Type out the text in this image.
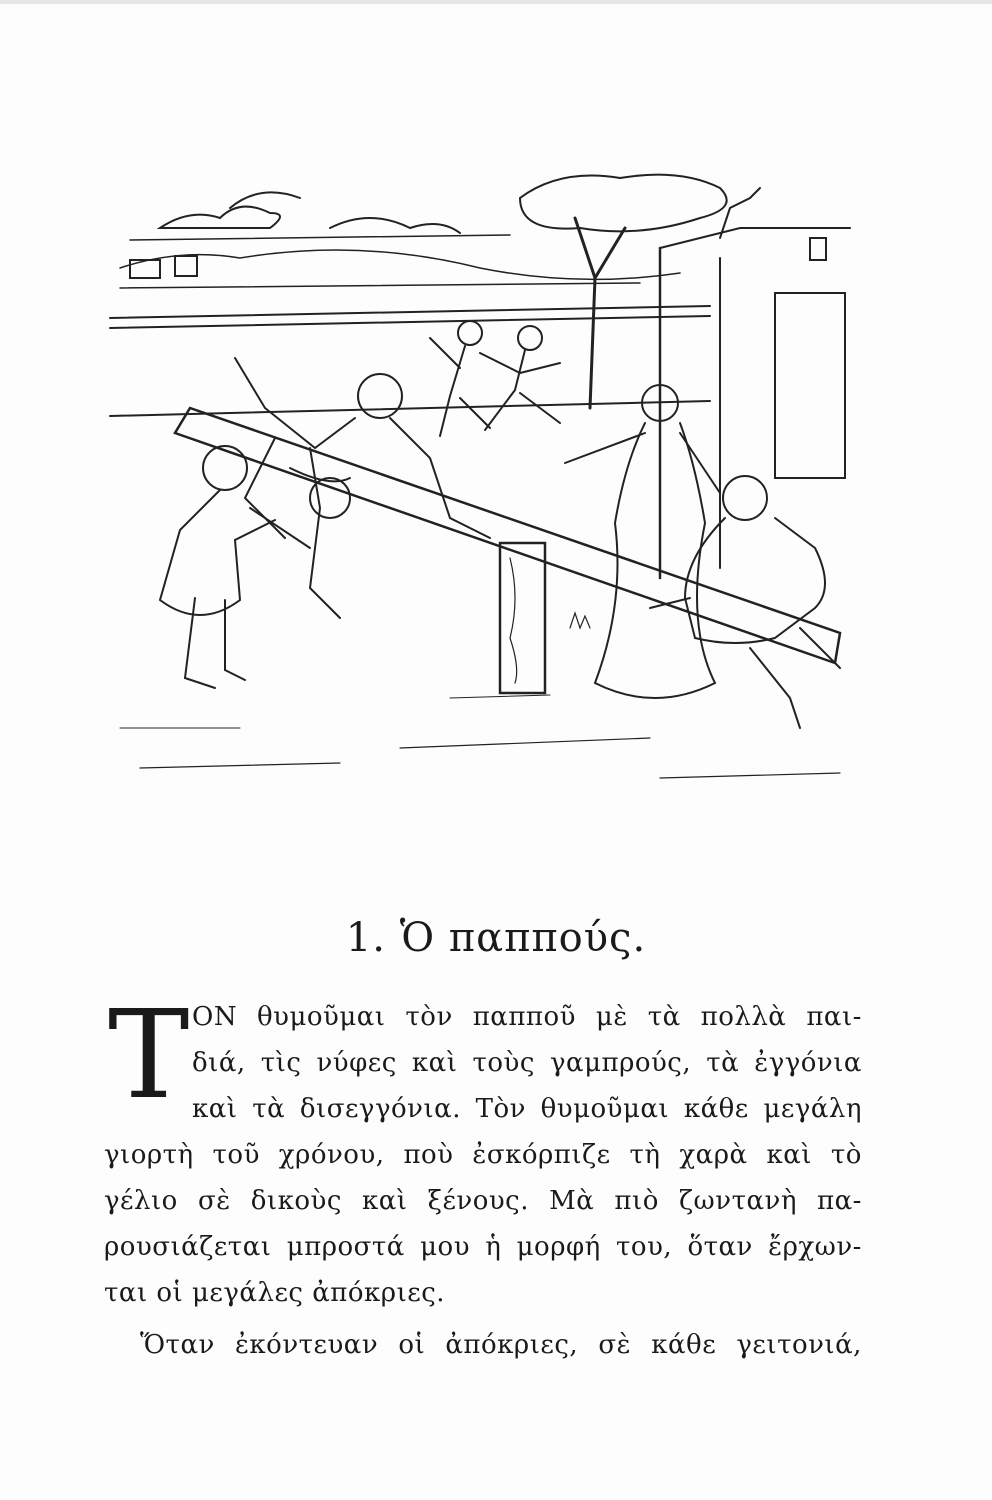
1. Ὁ παππούς.
Τ ΟΝ θυμοῦμαι τὸν παπποῦ μὲ τὰ πολλὰ παι-
διά, τὶς νύφες καὶ τοὺς γαμπρούς, τὰ ἐγγόνια
καὶ τὰ δισεγγόνια. Τὸν θυμοῦμαι κάθε μεγάλη
γιορτὴ τοῦ χρόνου, ποὺ ἐσκόρπιζε τὴ χαρὰ καὶ τὸ
γέλιο σὲ δικοὺς καὶ ξένους. Μὰ πιὸ ζωντανὴ πα-
ρουσιάζεται μπροστά μου ἡ μορφή του, ὅταν ἔρχων-
ται οἱ μεγάλες ἀπόκριες.
Ὅταν ἐκόντευαν οἱ ἀπόκριες, σὲ κάθε γειτονιά,
